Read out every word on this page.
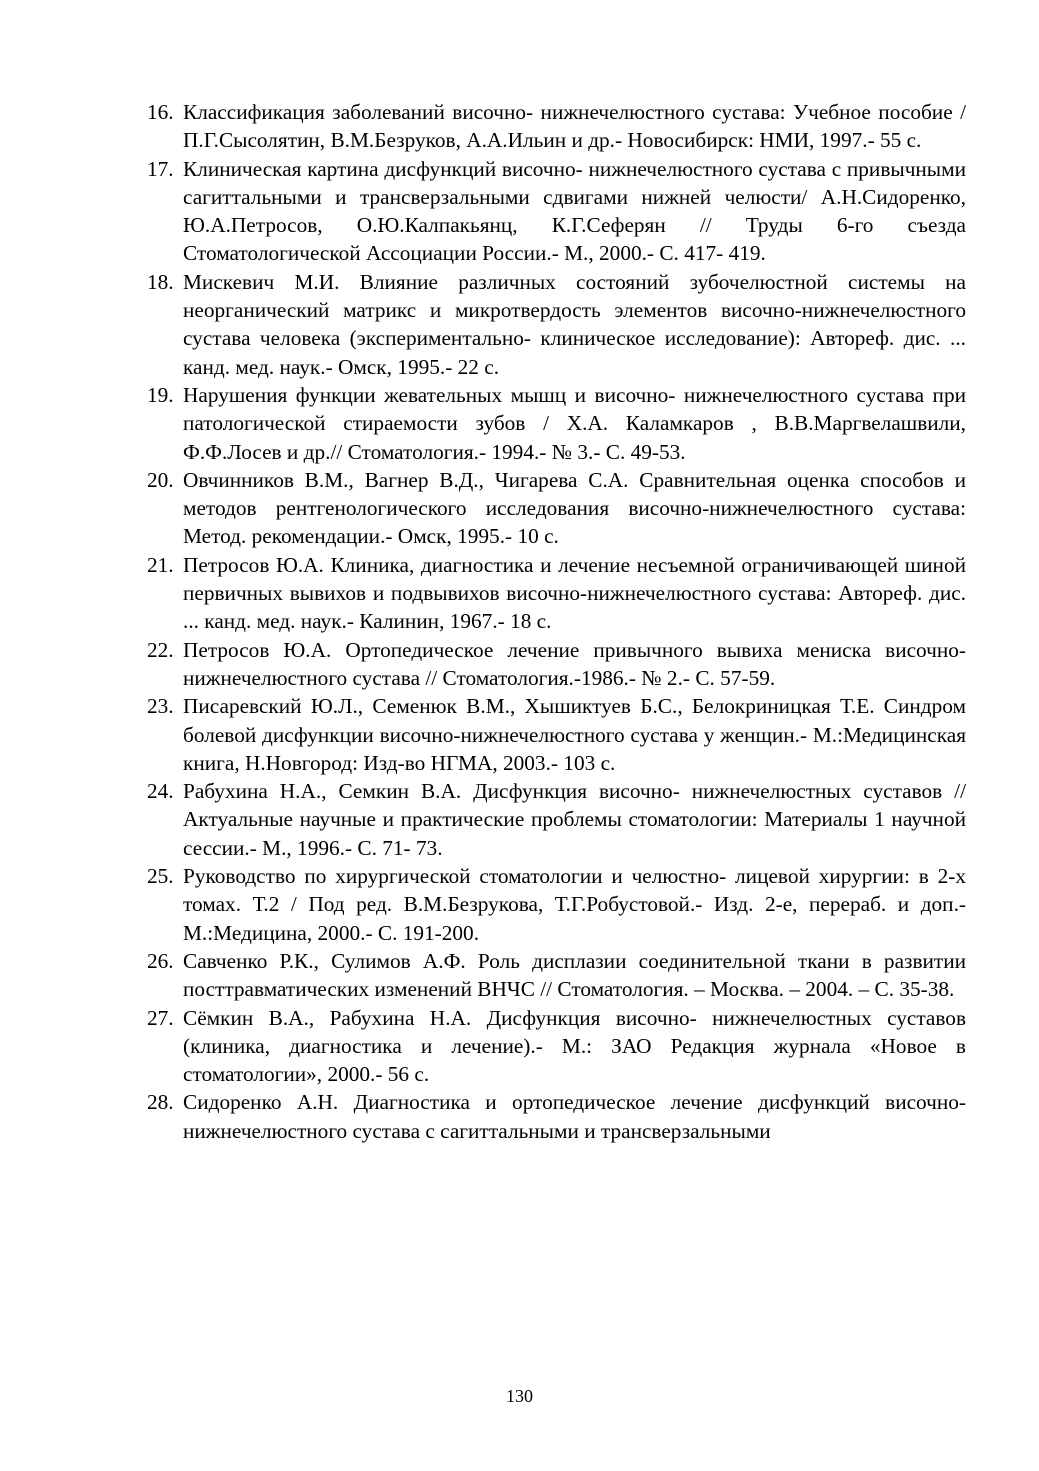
16. Классификация заболеваний височно- нижнечелюстного сустава: Учебное пособие / П.Г.Сысолятин, В.М.Безруков, А.А.Ильин и др.- Новосибирск: НМИ, 1997.- 55 с.
17. Клиническая картина дисфункций височно- нижнечелюстного сустава с привычными сагиттальными и трансверзальными сдвигами нижней челюсти/ А.Н.Сидоренко, Ю.А.Петросов, О.Ю.Калпакьянц, К.Г.Сеферян // Труды 6-го съезда Стоматологической Ассоциации России.- М., 2000.- С. 417- 419.
18. Мискевич М.И. Влияние различных состояний зубочелюстной системы на неорганический матрикс и микротвердость элементов височно-нижнечелюстного сустава человека (экспериментально- клиническое исследование): Автореф. дис. ... канд. мед. наук.- Омск, 1995.- 22 с.
19. Нарушения функции жевательных мышц и височно- нижнечелюстного сустава при патологической стираемости зубов / Х.А. Каламкаров , В.В.Маргвелашвили, Ф.Ф.Лосев и др.// Стоматология.- 1994.- № 3.- С. 49-53.
20. Овчинников В.М., Вагнер В.Д., Чигарева С.А. Сравнительная оценка способов и методов рентгенологического исследования височно-нижнечелюстного сустава: Метод. рекомендации.- Омск, 1995.- 10 с.
21. Петросов Ю.А. Клиника, диагностика и лечение несъемной ограничивающей шиной первичных вывихов и подвывихов височно-нижнечелюстного сустава: Автореф. дис. ... канд. мед. наук.- Калинин, 1967.- 18 с.
22. Петросов Ю.А. Ортопедическое лечение привычного вывиха мениска височно- нижнечелюстного сустава // Стоматология.-1986.- № 2.- С. 57-59.
23. Писаревский Ю.Л., Семенюк В.М., Хышиктуев Б.С., Белокриницкая Т.Е. Синдром болевой дисфункции височно-нижнечелюстного сустава у женщин.- М.:Медицинская книга, Н.Новгород: Изд-во НГМА, 2003.- 103 с.
24. Рабухина Н.А., Семкин В.А. Дисфункция височно- нижнечелюстных суставов // Актуальные научные и практические проблемы стоматологии: Материалы 1 научной сессии.- М., 1996.- С. 71- 73.
25. Руководство по хирургической стоматологии и челюстно- лицевой хирургии: в 2-х томах. Т.2 / Под ред. В.М.Безрукова, Т.Г.Робустовой.- Изд. 2-е, перераб. и доп.- М.:Медицина, 2000.- С. 191-200.
26. Савченко Р.К., Сулимов А.Ф. Роль дисплазии соединительной ткани в развитии посттравматических изменений ВНЧС // Стоматология. – Москва. – 2004. – С. 35-38.
27. Сёмкин В.А., Рабухина Н.А. Дисфункция височно- нижнечелюстных суставов (клиника, диагностика и лечение).- М.: ЗАО Редакция журнала «Новое в стоматологии», 2000.- 56 с.
28. Сидоренко А.Н. Диагностика и ортопедическое лечение дисфункций височно- нижнечелюстного сустава с сагиттальными и трансверзальными
130
